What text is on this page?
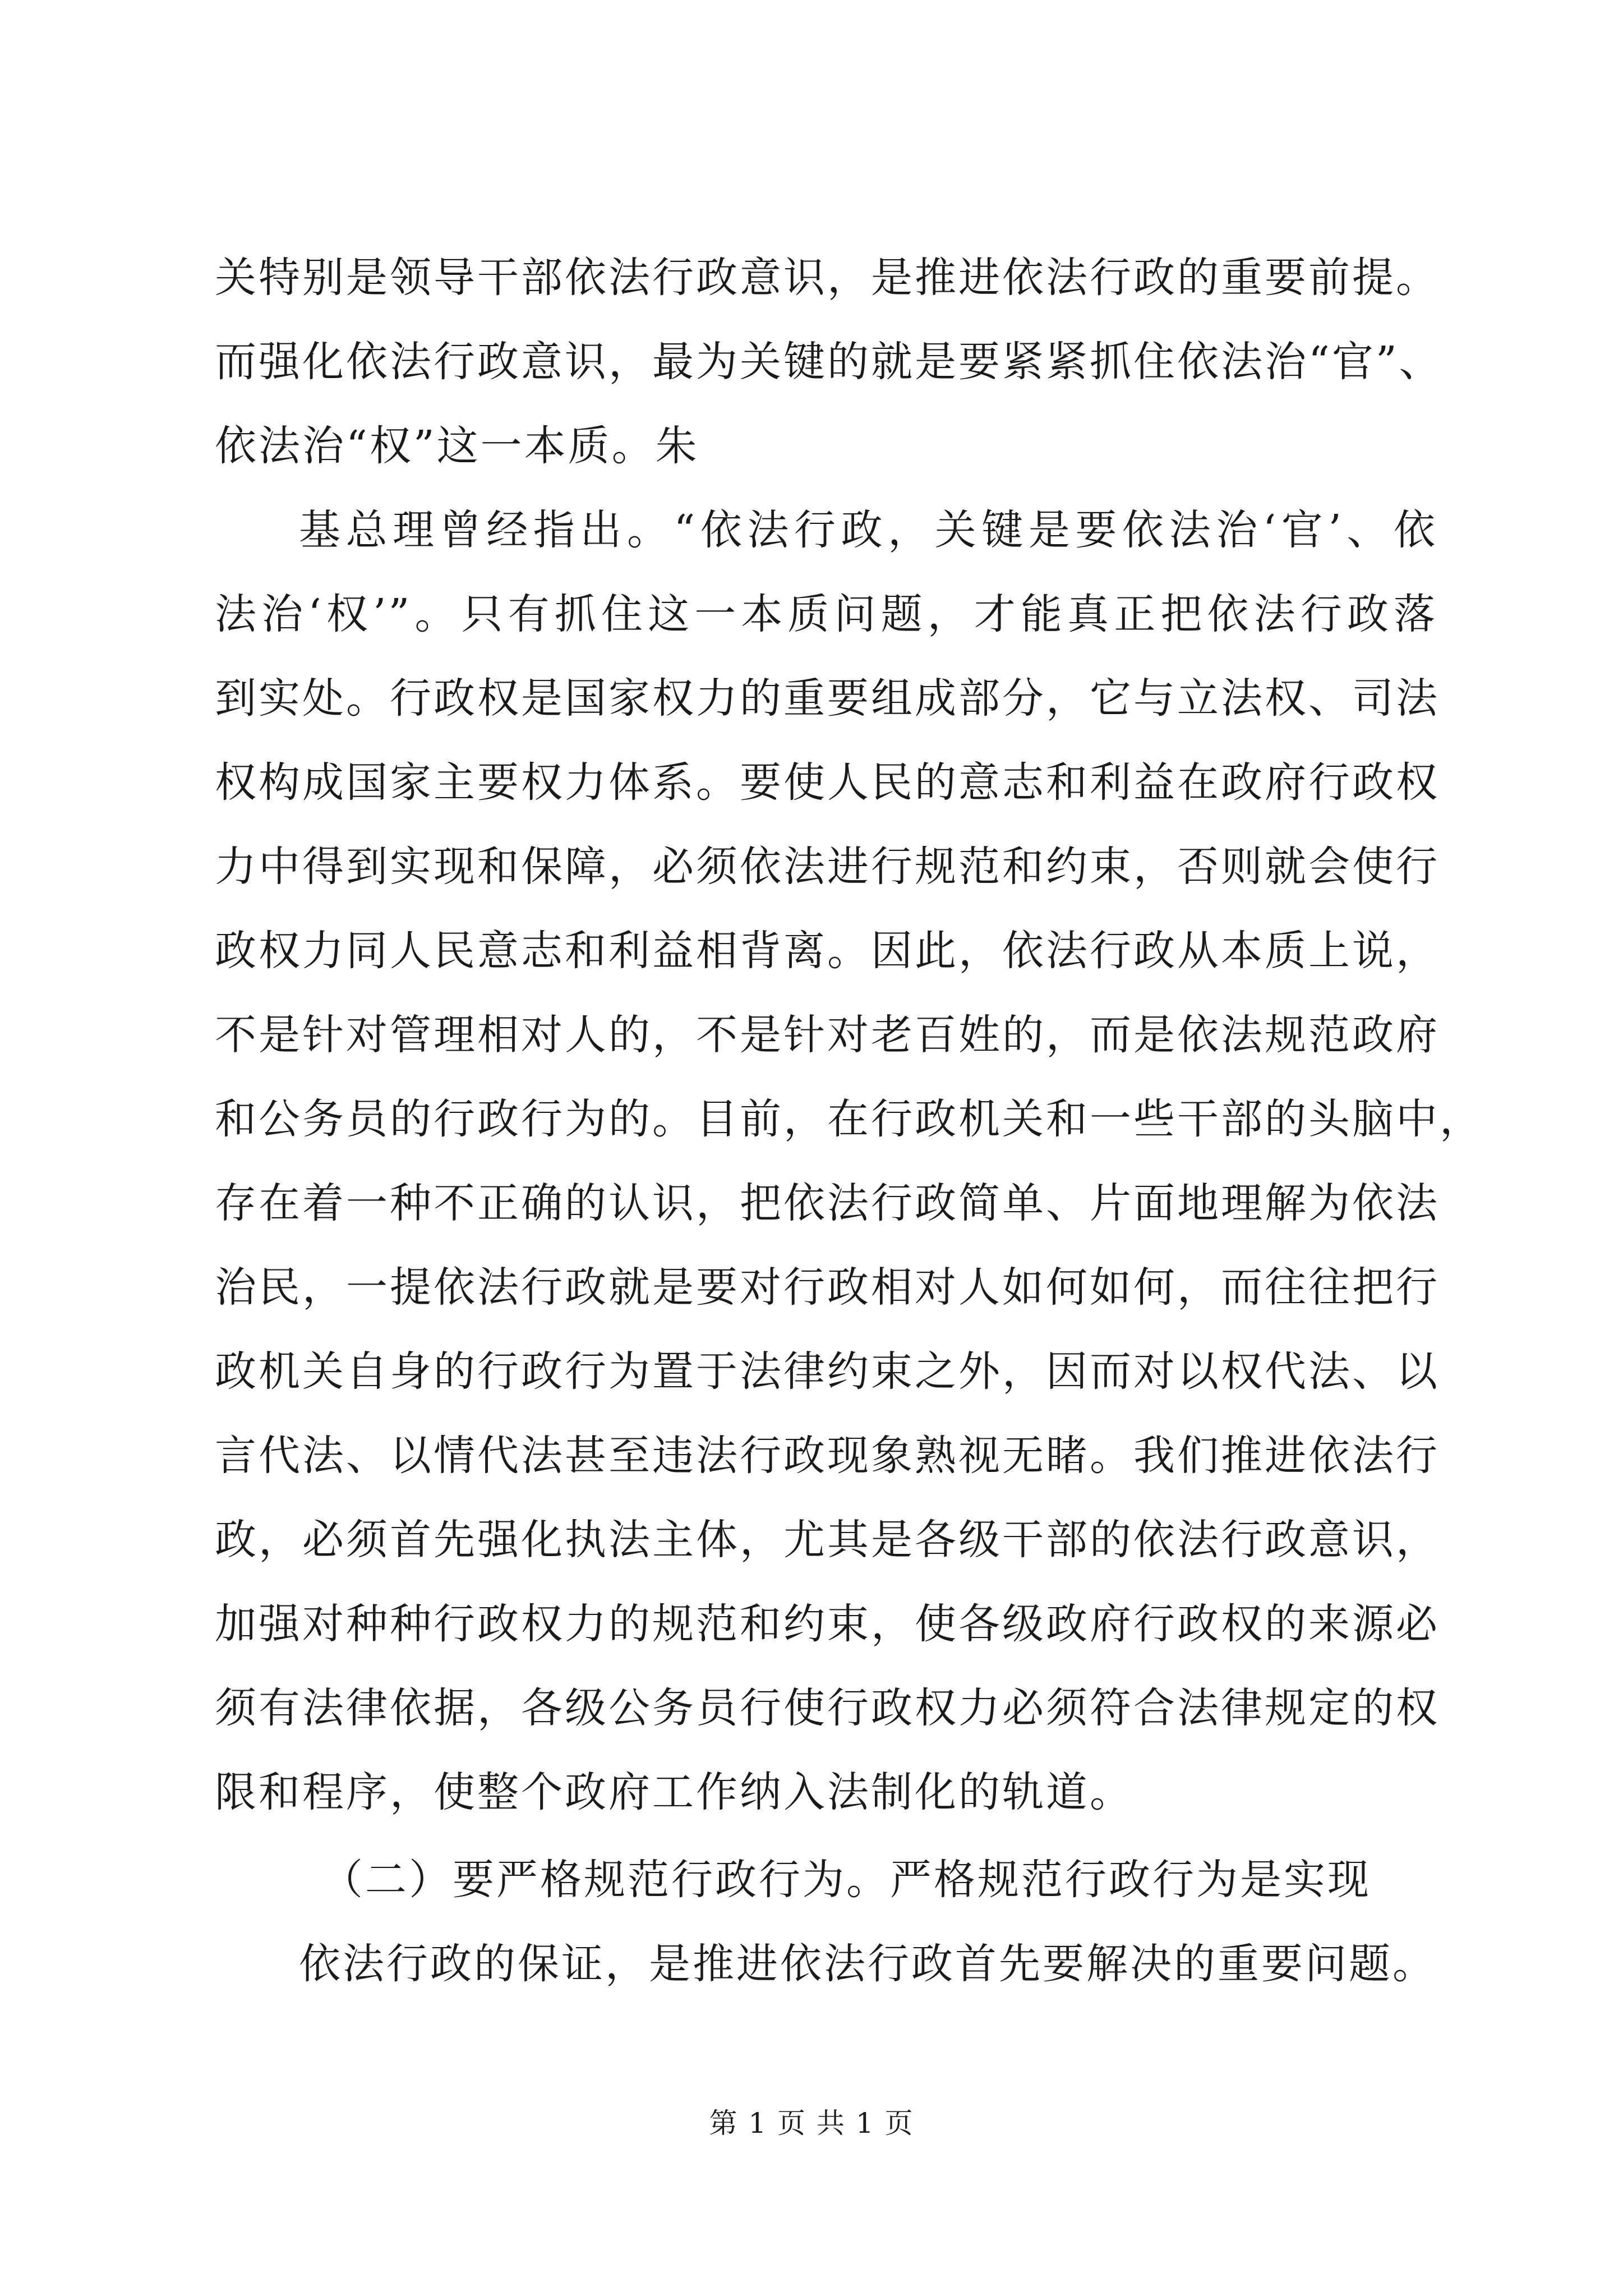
关特别是领导干部依法行政意识，是推进依法行政的重要前提。
而强化依法行政意识，最为关键的就是要紧紧抓住依法治“官”、
依法治“权”这一本质。朱
基总理曾经指出。“依法行政，关键是要依法治‘官’、依
法治‘权’”。只有抓住这一本质问题，才能真正把依法行政落
到实处。行政权是国家权力的重要组成部分，它与立法权、司法
权构成国家主要权力体系。要使人民的意志和利益在政府行政权
力中得到实现和保障，必须依法进行规范和约束，否则就会使行
政权力同人民意志和利益相背离。因此，依法行政从本质上说，
不是针对管理相对人的，不是针对老百姓的，而是依法规范政府
和公务员的行政行为的。目前，在行政机关和一些干部的头脑中，
存在着一种不正确的认识，把依法行政简单、片面地理解为依法
治民，一提依法行政就是要对行政相对人如何如何，而往往把行
政机关自身的行政行为置于法律约束之外，因而对以权代法、以
言代法、以情代法甚至违法行政现象熟视无睹。我们推进依法行
政，必须首先强化执法主体，尤其是各级干部的依法行政意识，
加强对种种行政权力的规范和约束，使各级政府行政权的来源必
须有法律依据，各级公务员行使行政权力必须符合法律规定的权
限和程序，使整个政府工作纳入法制化的轨道。
（二）要严格规范行政行为。严格规范行政行为是实现
依法行政的保证，是推进依法行政首先要解决的重要问题。
第 1 页 共 1 页
